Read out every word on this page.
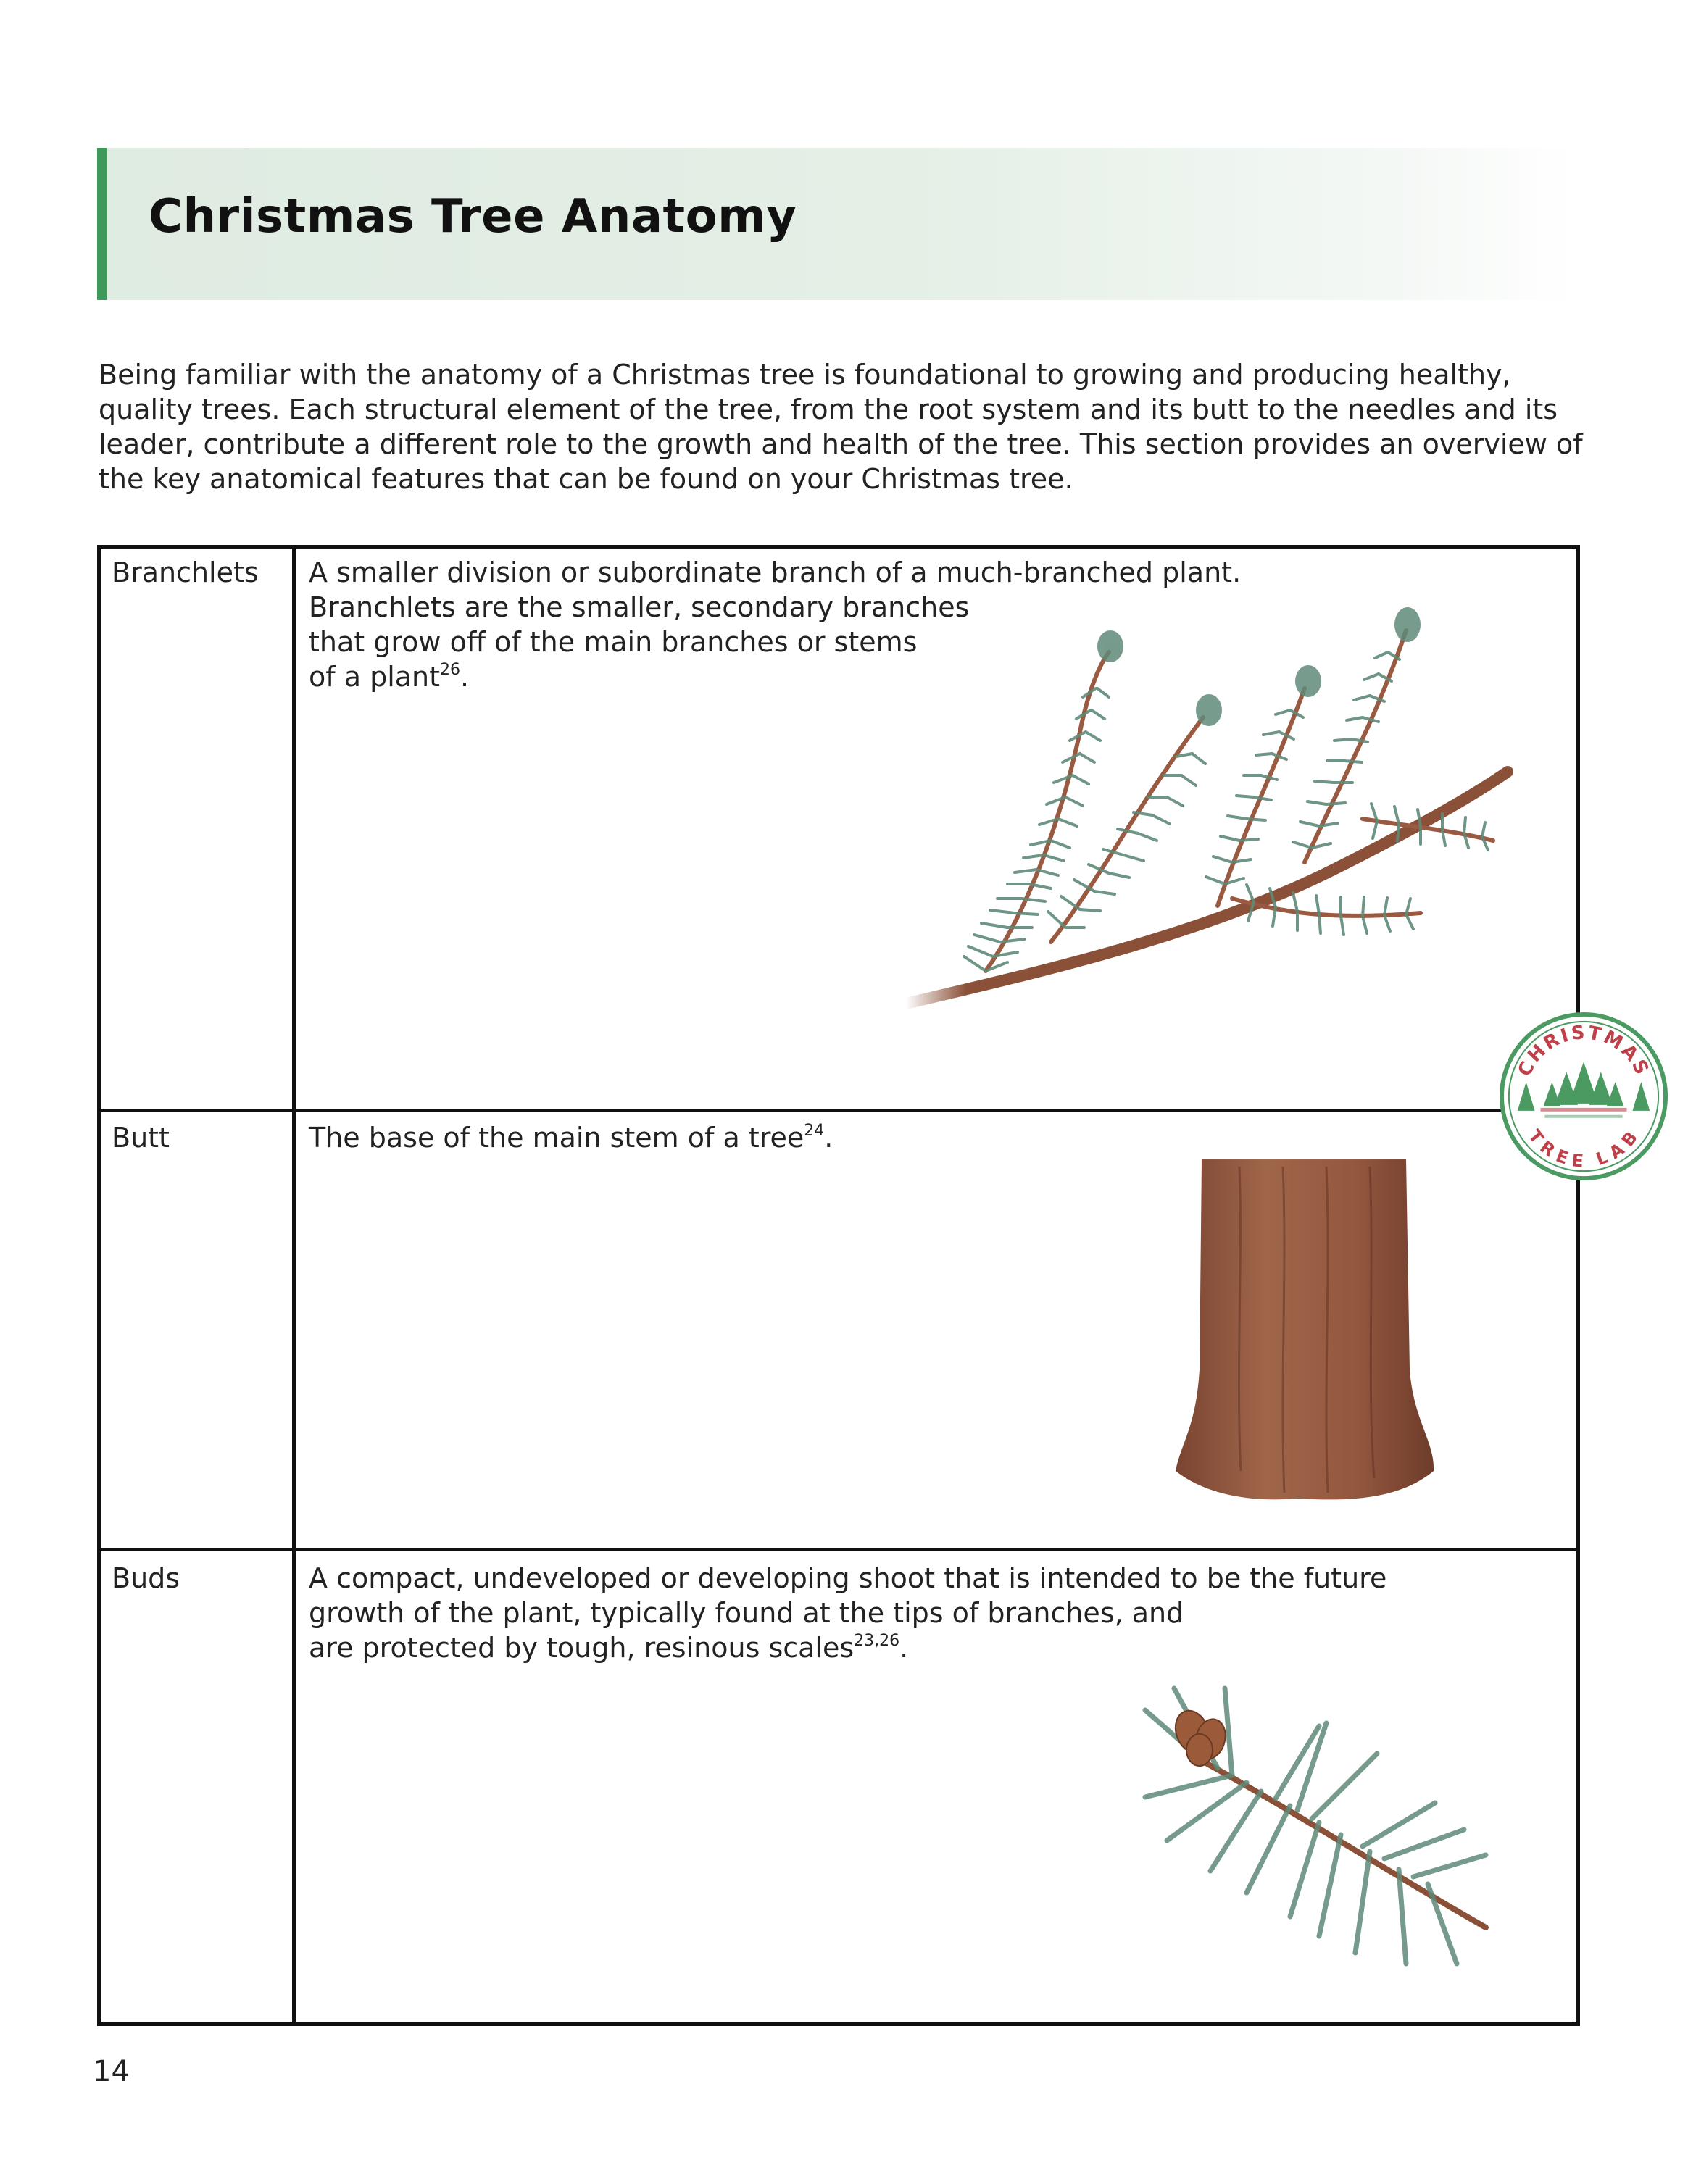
Christmas Tree Anatomy

Being familiar with the anatomy of a Christmas tree is foundational to growing and producing healthy, quality trees. Each structural element of the tree, from the root system and its butt to the needles and its leader, contribute a different role to the growth and health of the tree. This section provides an overview of the key anatomical features that can be found on your Christmas tree.

Branchlets A smaller division or subordinate branch of a much-branched plant.
Branchlets are the smaller, secondary branches
that grow off of the main branches or stems
of a plant$^{26}$.

Butt	The base of the main stem of a tree$^{24}$.

Buds	A compact, undeveloped or developing shoot that is intended to be the future
growth of the plant, typically found at the tips of branches, and
are protected by tough, resinous scales$^{23,26}$.

CHRISTMAS
TREE LAB

14
